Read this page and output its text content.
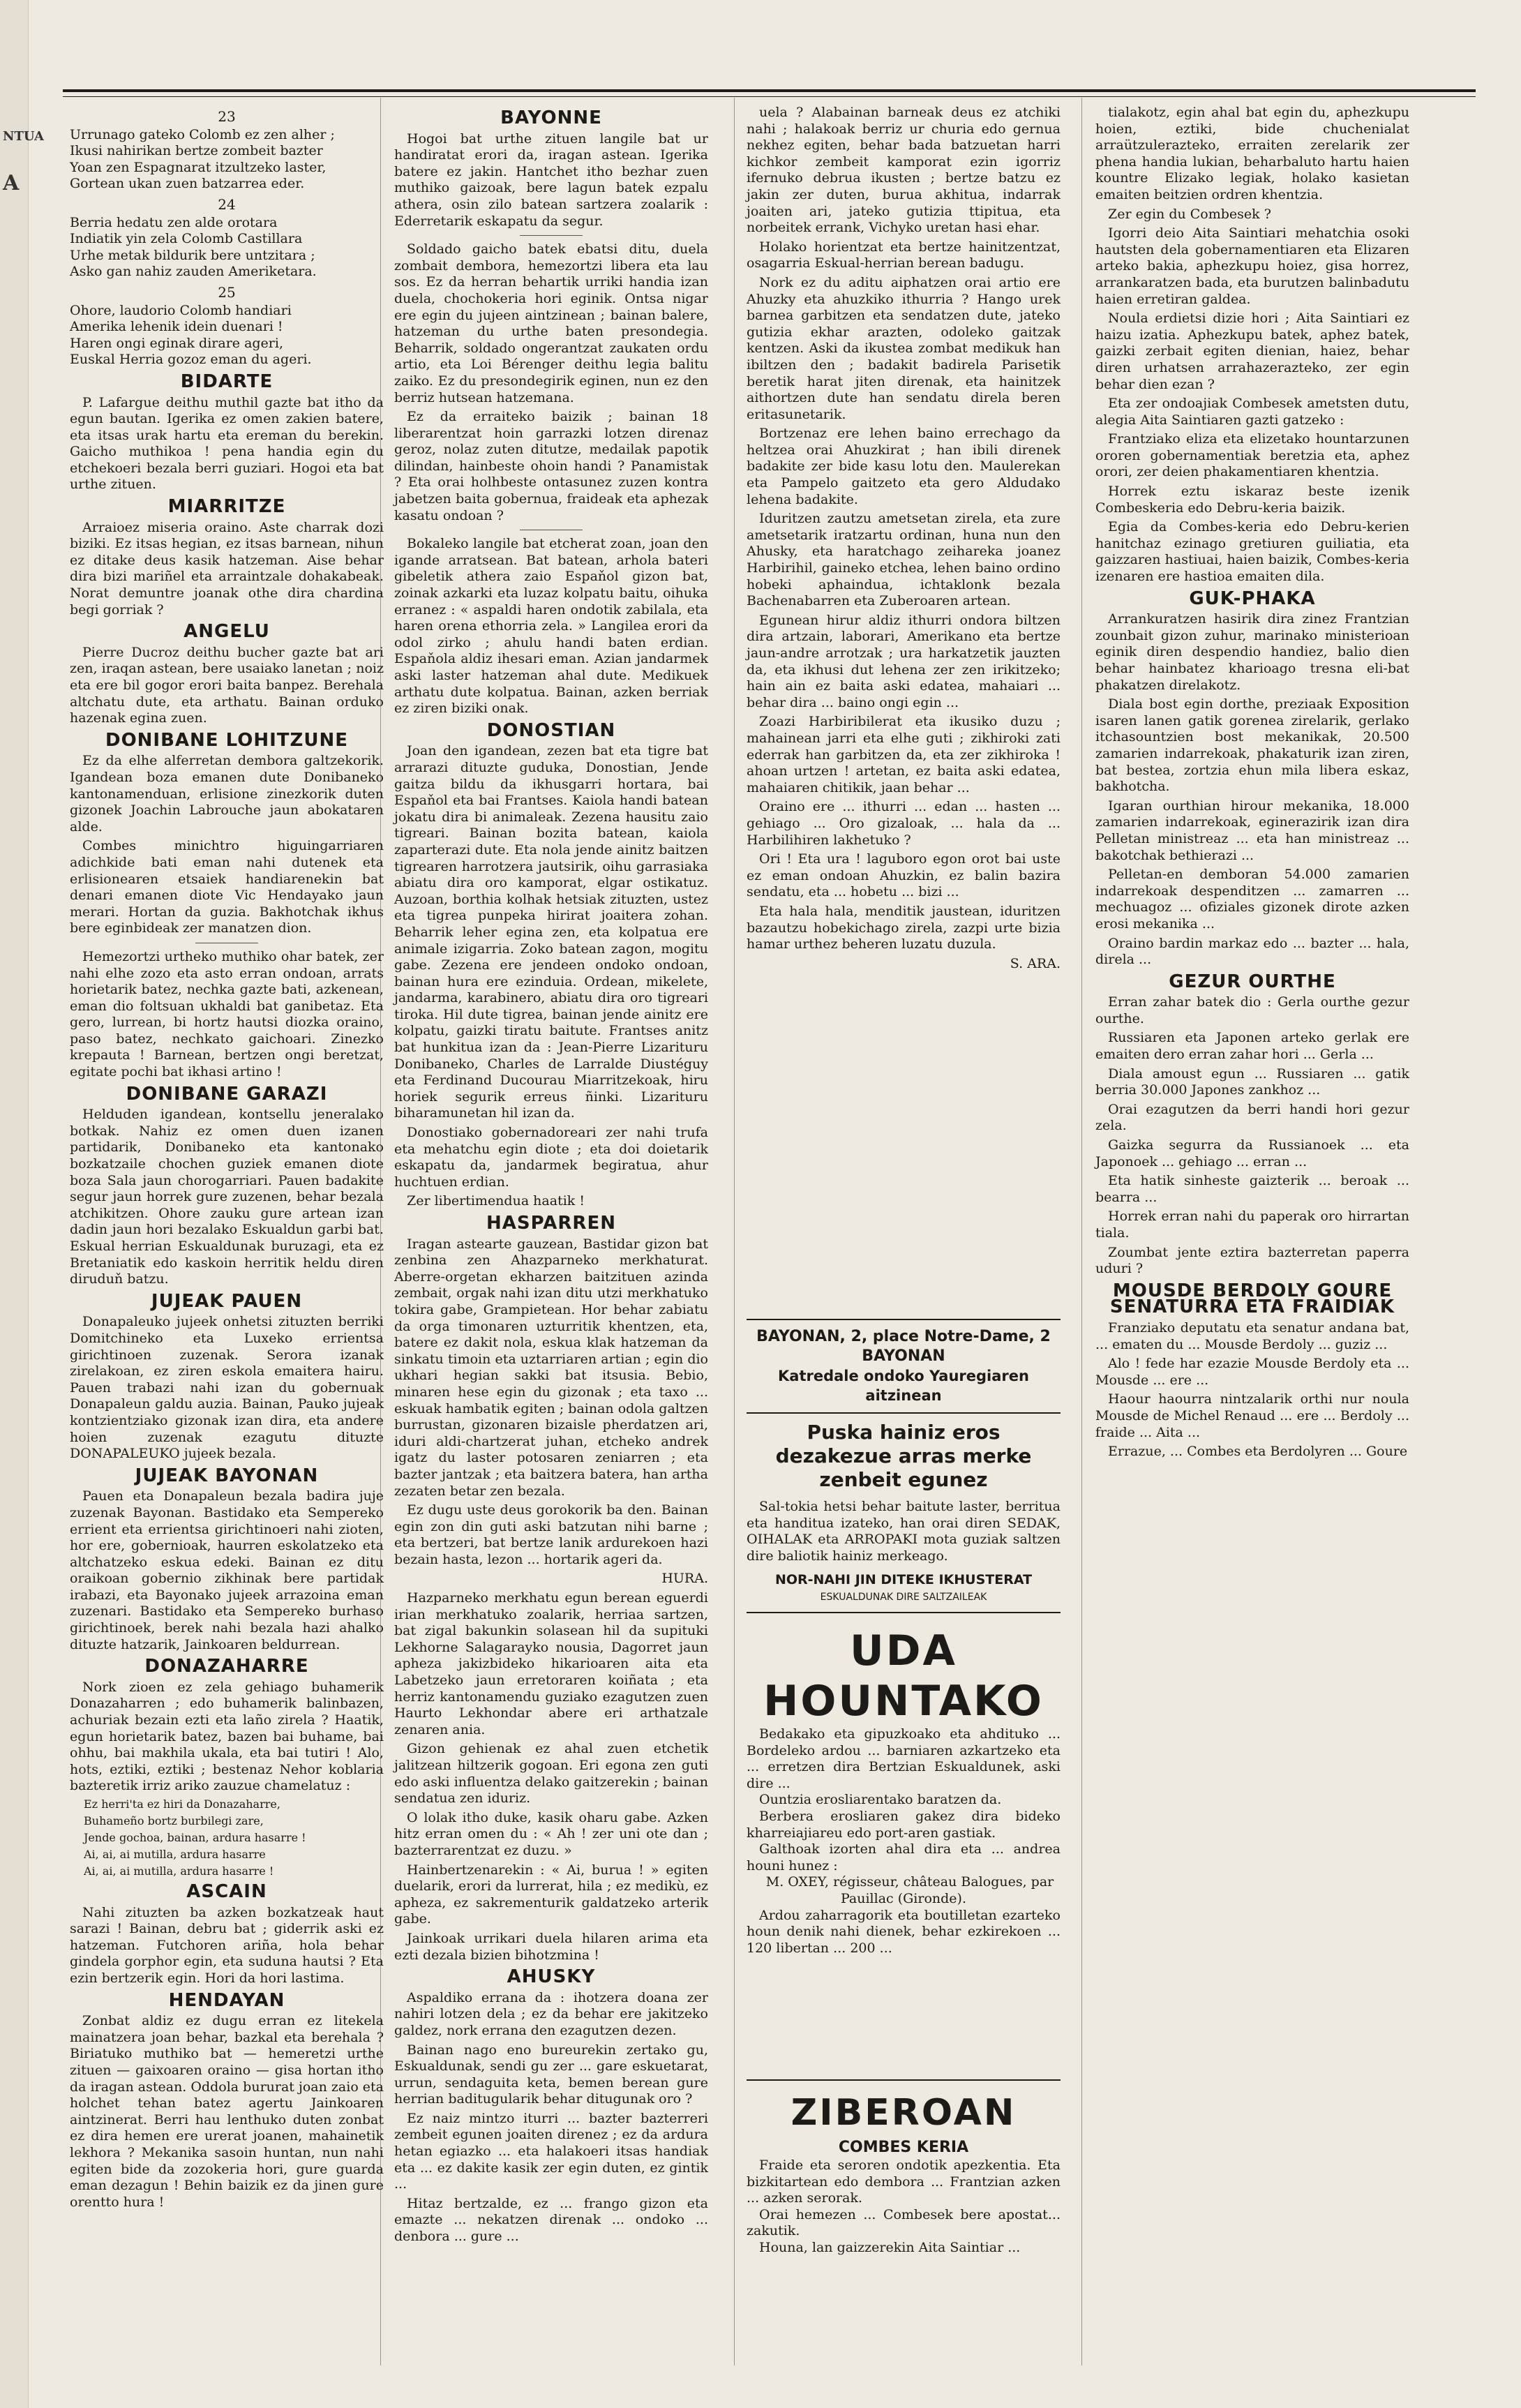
NTUA
A
23

Urrunago gateko Colomb ez zen alher ;

Ikusi nahirikan bertze zombeit bazter

Yoan zen Espagnarat itzultzeko laster,

Gortean ukan zuen batzarrea eder.

24

Berria hedatu zen alde orotara

Indiatik yin zela Colomb Castillara

Urhe metak bildurik bere untzitara ;

Asko gan nahiz zauden Ameriketara.

25

Ohore, laudorio Colomb handiari

Amerika lehenik idein duenari !

Haren ongi eginak dirare ageri,

Euskal Herria gozoz eman du ageri.

BIDARTE

P. Lafargue deithu muthil gazte bat itho da egun bautan. Igerika ez omen zakien batere, eta itsas urak hartu eta ereman du berekin. Gaicho muthikoa ! pena handia egin du etchekoeri bezala berri guziari. Hogoi eta bat urthe zituen.

MIARRITZE

Arraioez miseria oraino. Aste charrak dozi biziki. Ez itsas hegian, ez itsas barnean, nihun ez ditake deus kasik hatzeman. Aise behar dira bizi mariñel eta arraintzale dohakabeak. Norat demuntre joanak othe dira chardina begi gorriak ?

ANGELU

Pierre Ducroz deithu bucher gazte bat ari zen, iraqan astean, bere usaiako lanetan ; noiz eta ere bil gogor erori baita banpez. Berehala altchatu dute, eta arthatu. Bainan orduko hazenak egina zuen.

DONIBANE LOHITZUNE

Ez da elhe alferretan dembora galtzekorik. Igandean boza emanen dute Donibaneko kantonamenduan, erlisione zinezkorik duten gizonek Joachin Labrouche jaun abokataren alde.

Combes minichtro higuingarriaren adichkide bati eman nahi dutenek eta erlisionearen etsaiek handiarenekin bat denari emanen diote Vic Hendayako jaun merari. Hortan da guzia. Bakhotchak ikhus bere eginbideak zer manatzen dion.

Hemezortzi urtheko muthiko ohar batek, zer nahi elhe zozo eta asto erran ondoan, arrats horietarik batez, nechka gazte bati, azkenean, eman dio foltsuan ukhaldi bat ganibetaz. Eta gero, lurrean, bi hortz hautsi diozka oraino, paso batez, nechkato gaichoari. Zinezko krepauta ! Barnean, bertzen ongi beretzat, egitate pochi bat ikhasi artino !

DONIBANE GARAZI

Helduden igandean, kontsellu jeneralako botkak. Nahiz ez omen duen izanen partidarik, Donibaneko eta kantonako bozkatzaile chochen guziek emanen diote boza Sala jaun chorogarriari. Pauen badakite segur jaun horrek gure zuzenen, behar bezala atchikitzen. Ohore zauku gure artean izan dadin jaun hori bezalako Eskualdun garbi bat. Eskual herrian Eskualdunak buruzagi, eta ez Bretaniatik edo kaskoin herritik heldu diren diruduň batzu.

JUJEAK PAUEN

Donapaleuko jujeek onhetsi zituzten berriki Domitchineko eta Luxeko errientsa girichtinoen zuzenak. Serora izanak zirelakoan, ez ziren eskola emaitera hairu. Pauen trabazi nahi izan du gobernuak Donapaleun galdu auzia. Bainan, Pauko jujeak kontzientziako gizonak izan dira, eta andere hoien zuzenak ezagutu dituzte DONAPALEUKO jujeek bezala.

JUJEAK BAYONAN

Pauen eta Donapaleun bezala badira juje zuzenak Bayonan. Bastidako eta Sempereko errient eta errientsa girichtinoeri nahi zioten, hor ere, gobernioak, haurren eskolatzeko eta altchatzeko eskua edeki. Bainan ez ditu oraikoan gobernio zikhinak bere partidak irabazi, eta Bayonako jujeek arrazoina eman zuzenari. Bastidako eta Sempereko burhaso girichtinoek, berek nahi bezala hazi ahalko dituzte hatzarik, Jainkoaren beldurrean.

DONAZAHARRE

Nork zioen ez zela gehiago buhamerik Donazaharren ; edo buhamerik balinbazen, achuriak bezain ezti eta laño zirela ? Haatik, egun horietarik batez, bazen bai buhame, bai ohhu, bai makhila ukala, eta bai tutiri ! Alo, hots, eztiki, eztiki ; bestenaz Nehor koblaria bazteretik irriz ariko zauzue chamelatuz :

Ez herri'ta ez hiri da Donazaharre,

Buhameño bortz burbilegi zare,

Jende gochoa, bainan, ardura hasarre !

Ai, ai, ai mutilla, ardura hasarre

Ai, ai, ai mutilla, ardura hasarre !

ASCAIN

Nahi zituzten ba azken bozkatzeak haut sarazi ! Bainan, debru bat ; giderrik aski ez hatzeman. Futchoren ariña, hola behar gindela gorphor egin, eta suduna hautsi ? Eta ezin bertzerik egin. Hori da hori lastima.

HENDAYAN

Zonbat aldiz ez dugu erran ez litekela mainatzera joan behar, bazkal eta berehala ? Biriatuko muthiko bat — hemeretzi urthe zituen — gaixoaren oraino — gisa hortan itho da iragan astean. Oddola bururat joan zaio eta holchet tehan batez agertu Jainkoaren aintzinerat. Berri hau lenthuko duten zonbat ez dira hemen ere urerat joanen, mahainetik lekhora ? Mekanika sasoin huntan, nun nahi egiten bide da zozokeria hori, gure guarda eman dezagun ! Behin baizik ez da jinen gure orentto hura !

BAYONNE

Hogoi bat urthe zituen langile bat ur handiratat erori da, iragan astean. Igerika batere ez jakin. Hantchet itho bezhar zuen muthiko gaizoak, bere lagun batek ezpalu athera, osin zilo batean sartzera zoalarik : Ederretarik eskapatu da segur.

Soldado gaicho batek ebatsi ditu, duela zombait dembora, hemezortzi libera eta lau sos. Ez da herran behartik urriki handia izan duela, chochokeria hori eginik. Ontsa nigar ere egin du jujeen aintzinean ; bainan balere, hatzeman du urthe baten presondegia. Beharrik, soldado ongerantzat zaukaten ordu artio, eta Loi Bérenger deithu legia balitu zaiko. Ez du presondegirik eginen, nun ez den berriz hutsean hatzemana.

Ez da erraiteko baizik ; bainan 18 liberarentzat hoin garrazki lotzen direnaz geroz, nolaz zuten ditutze, medailak papotik dilindan, hainbeste ohoin handi ? Panamistak ? Eta orai holhbeste ontasunez zuzen kontra jabetzen baita gobernua, fraideak eta aphezak kasatu ondoan ?

Bokaleko langile bat etcherat zoan, joan den igande arratsean. Bat batean, arhola bateri gibeletik athera zaio Espaňol gizon bat, zoinak azkarki eta luzaz kolpatu baitu, oihuka erranez : « aspaldi haren ondotik zabilala, eta haren orena ethorria zela. » Langilea erori da odol zirko ; ahulu handi baten erdian. Espaňola aldiz ihesari eman. Azian jandarmek aski laster hatzeman ahal dute. Medikuek arthatu dute kolpatua. Bainan, azken berriak ez ziren biziki onak.

DONOSTIAN

Joan den igandean, zezen bat eta tigre bat arrarazi dituzte guduka, Donostian, Jende gaitza bildu da ikhusgarri hortara, bai Espaňol eta bai Frantses. Kaiola handi batean jokatu dira bi animaleak. Zezena hausitu zaio tigreari. Bainan bozita batean, kaiola zaparterazi dute. Eta nola jende ainitz baitzen tigrearen harrotzera jautsirik, oihu garrasiaka abiatu dira oro kamporat, elgar ostikatuz. Auzoan, borthia kolhak hetsiak zituzten, ustez eta tigrea punpeka hirirat joaitera zohan. Beharrik leher egina zen, eta kolpatua ere animale izigarria. Zoko batean zagon, mogitu gabe. Zezena ere jendeen ondoko ondoan, bainan hura ere ezinduia. Ordean, mikelete, jandarma, karabinero, abiatu dira oro tigreari tiroka. Hil dute tigrea, bainan jende ainitz ere kolpatu, gaizki tiratu baitute. Frantses anitz bat hunkitua izan da : Jean-Pierre Lizarituru Donibaneko, Charles de Larralde Diustéguy eta Ferdinand Ducourau Miarritzekoak, hiru horiek segurik erreus ñinki. Lizarituru biharamunetan hil izan da.

Donostiako gobernadoreari zer nahi trufa eta mehatchu egin diote ; eta doi doietarik eskapatu da, jandarmek begiratua, ahur huchtuen erdian.

Zer libertimendua haatik !

HASPARREN

Iragan astearte gauzean, Bastidar gizon bat zenbina zen Ahazparneko merkhaturat. Aberre-orgetan ekharzen baitzituen azinda zembait, orgak nahi izan ditu utzi merkhatuko tokira gabe, Grampietean. Hor behar zabiatu da orga timonaren uzturritik khentzen, eta, batere ez dakit nola, eskua klak hatzeman da sinkatu timoin eta uztarriaren artian ; egin dio ukhari hegian sakki bat itsusia. Bebio, minaren hese egin du gizonak ; eta taxo ... eskuak hambatik egiten ; bainan odola galtzen burrustan, gizonaren bizaisle pherdatzen ari, iduri aldi-chartzerat juhan, etcheko andrek igatz du laster potosaren zeniarren ; eta bazter jantzak ; eta baitzera batera, han artha zezaten betar zen bezala.

Ez dugu uste deus gorokorik ba den. Bainan egin zon din guti aski batzutan nihi barne ; eta bertzeri, bat bertze lanik ardurekoen hazi bezain hasta, lezon ... hortarik ageri da.

HURA.

Hazparneko merkhatu egun berean eguerdi irian merkhatuko zoalarik, herriaa sartzen, bat zigal bakunkin solasean hil da supituki Lekhorne Salagarayko nousia, Dagorret jaun apheza jakizbideko hikarioaren aita eta Labetzeko jaun erretoraren koiñata ; eta herriz kantonamendu guziako ezagutzen zuen Haurto Lekhondar abere eri arthatzale zenaren ania.

Gizon gehienak ez ahal zuen etchetik jalitzean hiltzerik gogoan. Eri egona zen guti edo aski influentza delako gaitzerekin ; bainan sendatua zen iduriz.

O lolak itho duke, kasik oharu gabe. Azken hitz erran omen du : « Ah ! zer uni ote dan ; bazterrarentzat ez duzu. »

Hainbertzenarekin : « Ai, burua ! » egiten duelarik, erori da lurrerat, hila ; ez medikù, ez apheza, ez sakrementurik galdatzeko arterik gabe.

Jainkoak urrikari duela hilaren arima eta ezti dezala bizien bihotzmina !

AHUSKY

Aspaldiko errana da : ihotzera doana zer nahiri lotzen dela ; ez da behar ere jakitzeko galdez, nork errana den ezagutzen dezen.

Bainan nago eno bureurekin zertako gu, Eskualdunak, sendi gu zer ... gare eskuetarat, urrun, sendaguita keta, bemen berean gure herrian baditugularik behar ditugunak oro ?

Ez naiz mintzo iturri ... bazter bazterreri zembeit egunen joaiten direnez ; ez da ardura hetan egiazko ... eta halakoeri itsas handiak eta ... ez dakite kasik zer egin duten, ez gintik ...

Hitaz bertzalde, ez ... frango gizon eta emazte ... nekatzen direnak ... ondoko ... denbora ... gure ...

uela ? Alabainan barneak deus ez atchiki nahi ; halakoak berriz ur churia edo gernua nekhez egiten, behar bada batzuetan harri kichkor zembeit kamporat ezin igorriz ifernuko debrua ikusten ; bertze batzu ez jakin zer duten, burua akhitua, indarrak joaiten ari, jateko gutizia ttipitua, eta norbeitek errank, Vichyko uretan hasi ehar.

Holako horientzat eta bertze hainitzentzat, osagarria Eskual-herrian berean badugu.

Nork ez du aditu aiphatzen orai artio ere Ahuzky eta ahuzkiko ithurria ? Hango urek barnea garbitzen eta sendatzen dute, jateko gutizia ekhar arazten, odoleko gaitzak kentzen. Aski da ikustea zombat medikuk han ibiltzen den ; badakit badirela Parisetik beretik harat jiten direnak, eta hainitzek aithortzen dute han sendatu direla beren eritasunetarik.

Bortzenaz ere lehen baino errechago da heltzea orai Ahuzkirat ; han ibili direnek badakite zer bide kasu lotu den. Maulerekan eta Pampelo gaitzeto eta gero Aldudako lehena badakite.

Iduritzen zautzu ametsetan zirela, eta zure ametsetarik iratzartu ordinan, huna nun den Ahusky, eta haratchago zeihareka joanez Harbirihil, gaineko etchea, lehen baino ordino hobeki aphaindua, ichtaklonk bezala Bachenabarren eta Zuberoaren artean.

Egunean hirur aldiz ithurri ondora biltzen dira artzain, laborari, Amerikano eta bertze jaun-andre arrotzak ; ura harkatzetik jauzten da, eta ikhusi dut lehena zer zen irikitzeko; hain ain ez baita aski edatea, mahaiari ... behar dira ... baino ongi egin ...

Zoazi Harbiribilerat eta ikusiko duzu ; mahainean jarri eta elhe guti ; zikhiroki zati ederrak han garbitzen da, eta zer zikhiroka ! ahoan urtzen ! artetan, ez baita aski edatea, mahaiaren chitikik, jaan behar ...

Oraino ere ... ithurri ... edan ... hasten ... gehiago ... Oro gizaloak, ... hala da ... Harbilihiren lakhetuko ?

Ori ! Eta ura ! laguboro egon orot bai uste ez eman ondoan Ahuzkin, ez balin bazira sendatu, eta ... hobetu ... bizi ...

Eta hala hala, menditik jaustean, iduritzen bazautzu hobekichago zirela, zazpi urte bizia hamar urthez beheren luzatu duzula.

S. ARA.

BAYONAN, 2, place Notre-Dame, 2 BAYONAN
Katredale ondoko Yauregiaren aitzinean
Puska hainiz eros dezakezue arras merke
zenbeit egunez
Sal-tokia hetsi behar baitute laster, berritua eta handitua izateko, han orai diren SEDAK, OIHALAK eta ARROPAKI mota guziak saltzen dire baliotik hainiz merkeago.
NOR-NAHI JIN DITEKE IKHUSTERAT
ESKUALDUNAK DIRE SALTZAILEAK
UDA HOUNTAKO
Bedakako eta gipuzkoako eta ahdituko ... Bordeleko ardou ... barniaren azkartzeko eta ... erretzen dira Bertzian Eskualdunek, aski dire ...
Ountzia erosliarentako baratzen da.
Berbera erosliaren gakez dira bideko kharreiajiareu edo port-aren gastiak.
Galthoak izorten ahal dira eta ... andrea houni hunez :
M. OXEY, régisseur, château Balogues, par Pauillac (Gironde).
Ardou zaharragorik eta boutilletan ezarteko houn denik nahi dienek, behar ezkirekoen ... 120 libertan ... 200 ...
ZIBEROAN
COMBES KERIA
Fraide eta seroren ondotik apezkentia. Eta bizkitartean edo dembora ... Frantzian azken ... azken serorak.
Orai hemezen ... Combesek bere apostat... zakutik.
Houna, lan gaizzerekin Aita Saintiar ...

tialakotz, egin ahal bat egin du, aphezkupu hoien, eztiki, bide chuchenialat arraützulerazteko, erraiten zerelarik zer phena handia lukian, beharbaluto hartu haien kountre Elizako legiak, holako kasietan emaiten beitzien ordren khentzia.

Zer egin du Combesek ?

Igorri deio Aita Saintiari mehatchia osoki hautsten dela gobernamentiaren eta Elizaren arteko bakia, aphezkupu hoiez, gisa horrez, arrankaratzen bada, eta burutzen balinbadutu haien erretiran galdea.

Noula erdietsi dizie hori ; Aita Saintiari ez haizu izatia. Aphezkupu batek, aphez batek, gaizki zerbait egiten dienian, haiez, behar diren urhatsen arrahazerazteko, zer egin behar dien ezan ?

Eta zer ondoajiak Combesek ametsten dutu, alegia Aita Saintiaren gazti gatzeko :

Frantziako eliza eta elizetako hountarzunen ororen gobernamentiak beretzia eta, aphez orori, zer deien phakamentiaren khentzia.

Horrek eztu iskaraz beste izenik Combeskeria edo Debru-keria baizik.

Egia da Combes-keria edo Debru-kerien hanitchaz ezinago gretiuren guiliatia, eta gaizzaren hastiuai, haien baizik, Combes-keria izenaren ere hastioa emaiten dila.

GUK-PHAKA

Arrankuratzen hasirik dira zinez Frantzian zounbait gizon zuhur, marinako ministerioan eginik diren despendio handiez, balio dien behar hainbatez kharioago tresna eli-bat phakatzen direlakotz.

Diala bost egin dorthe, preziaak Exposition isaren lanen gatik gorenea zirelarik, gerlako itchasountzien bost mekanikak, 20.500 zamarien indarrekoak, phakaturik izan ziren, bat bestea, zortzia ehun mila libera eskaz, bakhotcha.

Igaran ourthian hirour mekanika, 18.000 zamarien indarrekoak, eginerazirik izan dira Pelletan ministreaz ... eta han ministreaz ... bakotchak bethierazi ...

Pelletan-en demboran 54.000 zamarien indarrekoak despenditzen ... zamarren ... mechuagoz ... ofiziales gizonek dirote azken erosi mekanika ...

Oraino bardin markaz edo ... bazter ... hala, direla ...

GEZUR OURTHE

Erran zahar batek dio : Gerla ourthe gezur ourthe.

Russiaren eta Japonen arteko gerlak ere emaiten dero erran zahar hori ... Gerla ...

Diala amoust egun ... Russiaren ... gatik berria 30.000 Japones zankhoz ...

Orai ezagutzen da berri handi hori gezur zela.

Gaizka segurra da Russianoek ... eta Japonoek ... gehiago ... erran ...

Eta hatik sinheste gaizterik ... beroak ... bearra ...

Horrek erran nahi du paperak oro hirrartan tiala.

Zoumbat jente eztira bazterretan paperra uduri ?

MOUSDE BERDOLY GOURE SENATURRA ETA FRAIDIAK

Franziako deputatu eta senatur andana bat, ... ematen du ... Mousde Berdoly ... guziz ...

Alo ! fede har ezazie Mousde Berdoly eta ... Mousde ... ere ...

Haour haourra nintzalarik orthi nur noula Mousde de Michel Renaud ... ere ... Berdoly ... fraide ... Aita ...

Errazue, ... Combes eta Berdolyren ... Goure
